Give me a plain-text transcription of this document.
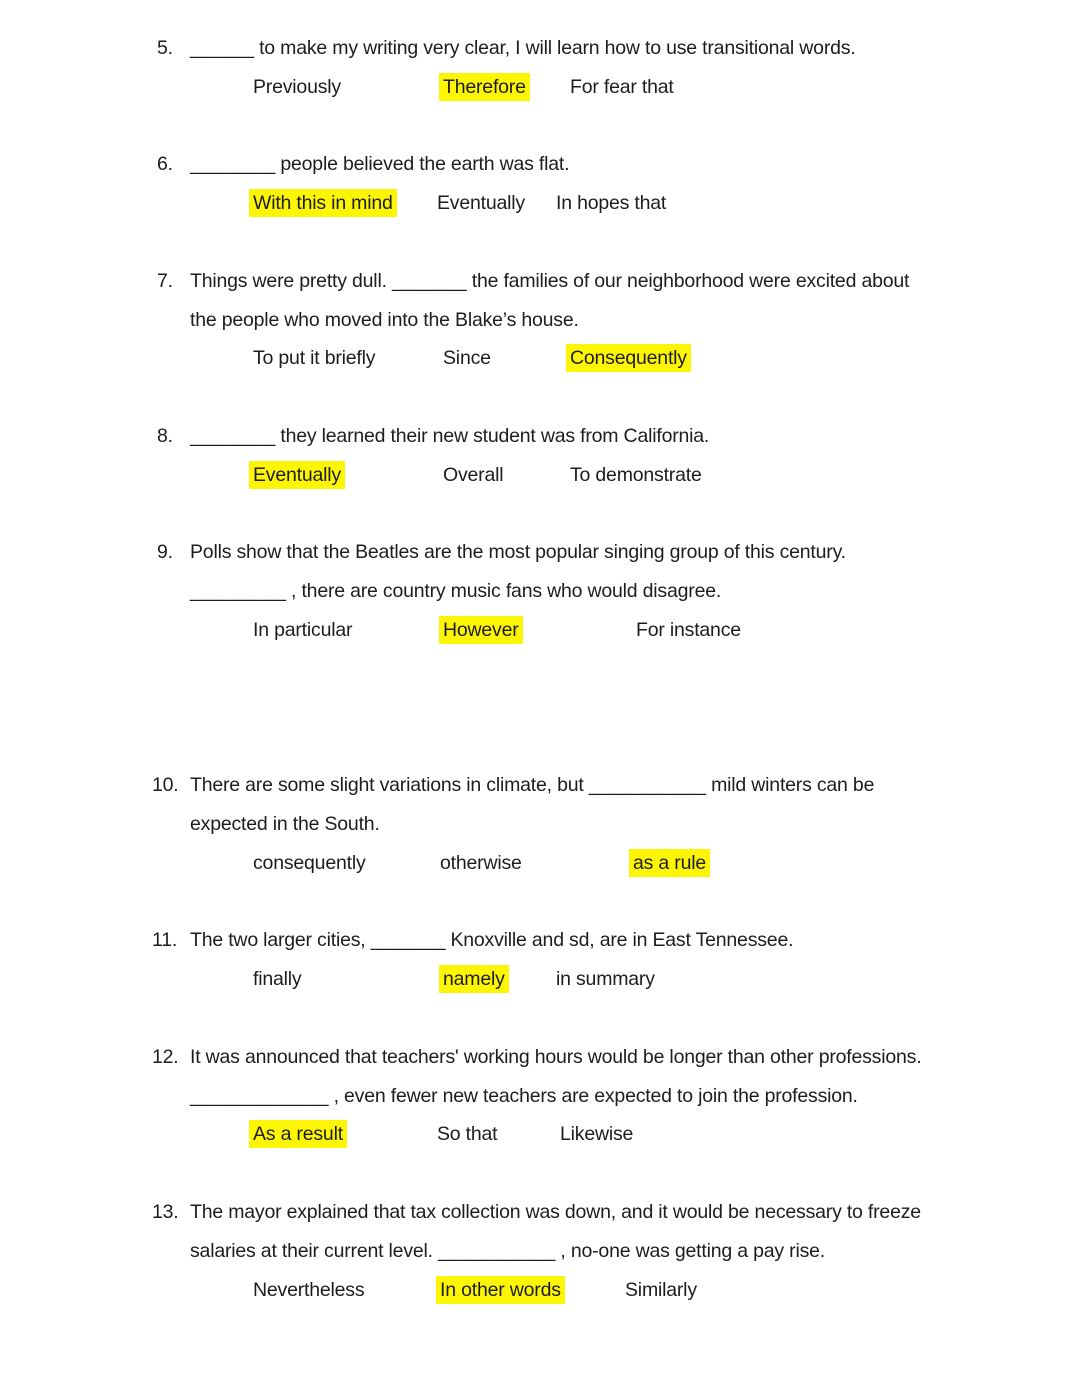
5. ______ to make my writing very clear, I will learn how to use transitional words.
Previously	Therefore For fear that
6. ________ people believed the earth was flat.
With this in mind Eventually In hopes that
7. Things were pretty dull. _______ the families of our neighborhood were excited about
the people who moved into the Blake’s house.
To put it briefly	Since	Consequently
8. ________ they learned their new student was from California.
Eventually	Overall	To demonstrate
9. Polls show that the Beatles are the most popular singing group of this century.
_________ , there are country music fans who would disagree.
In particular	However	For instance
10. There are some slight variations in climate, but ___________ mild winters can be
expected in the South.
consequently	otherwise	as a rule
11. The two larger cities, _______ Knoxville and sd, are in East Tennessee.
finally	namely	in summary
12. It was announced that teachers' working hours would be longer than other professions.
_____________ , even fewer new teachers are expected to join the profession.
As a result	So that	Likewise
13. The mayor explained that tax collection was down, and it would be necessary to freeze
salaries at their current level. ___________ , no-one was getting a pay rise.
Nevertheless	In other words	Similarly
